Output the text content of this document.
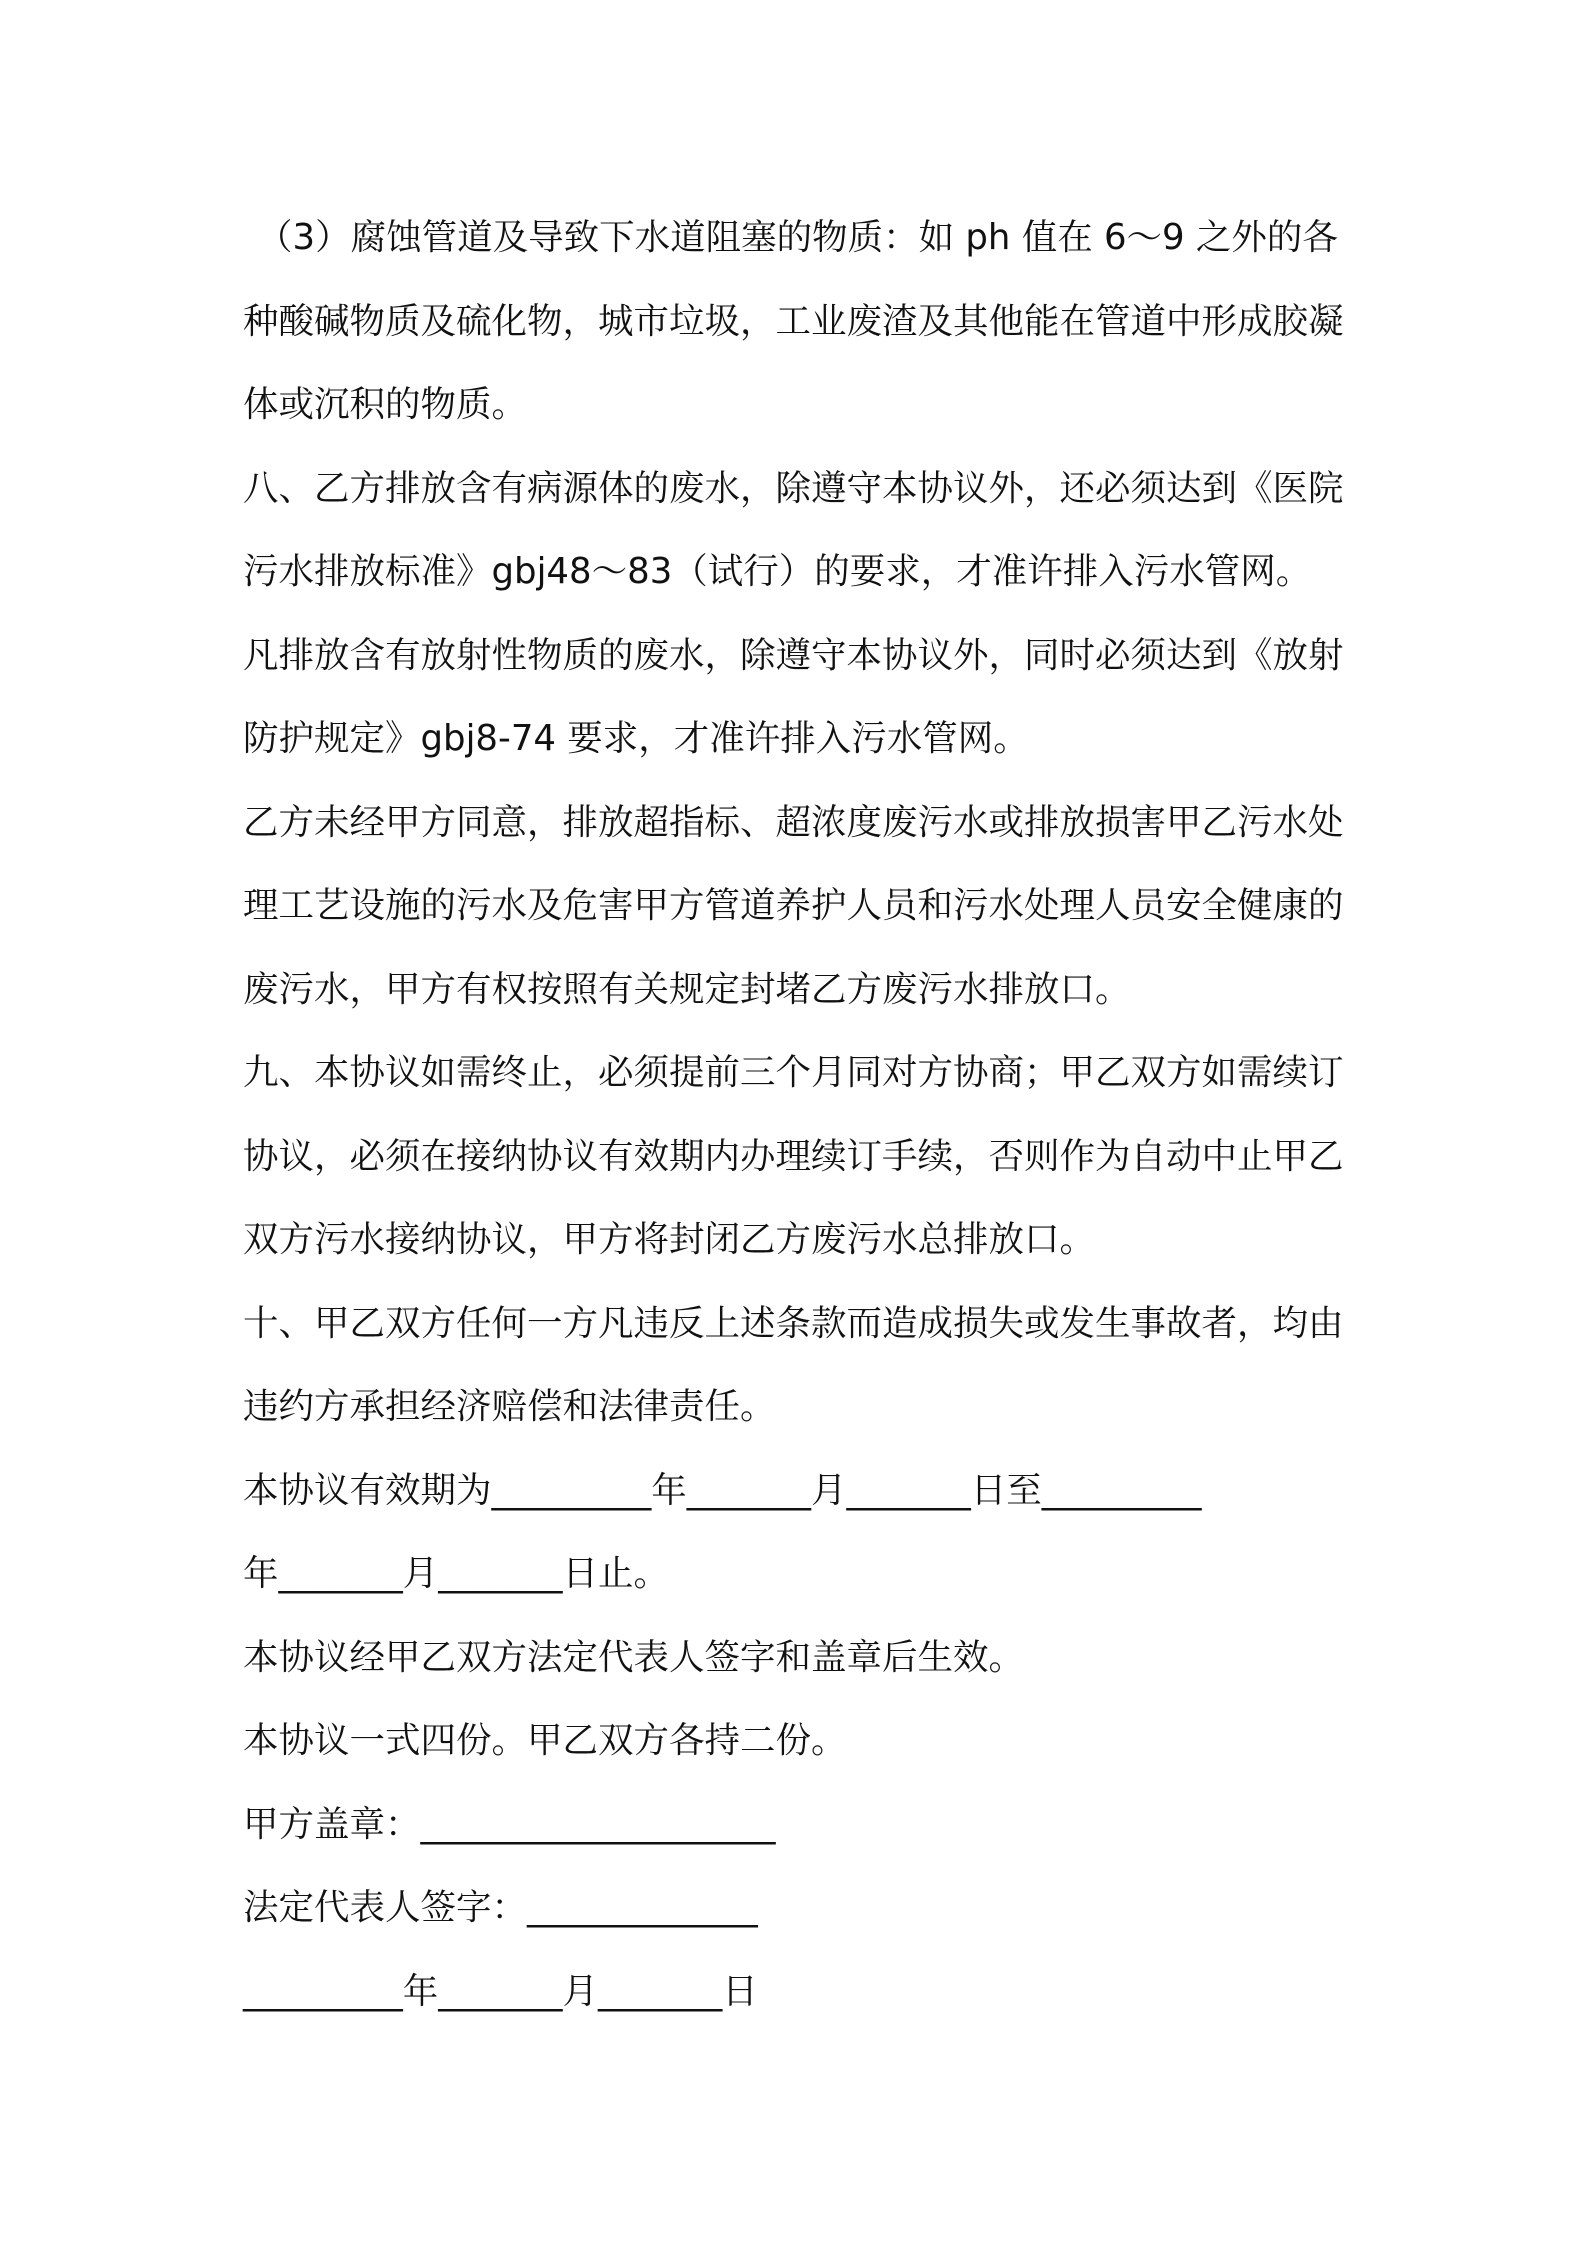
（3）腐蚀管道及导致下水道阻塞的物质：如 ph 值在 6～9 之外的各种酸碱物质及硫化物，城市垃圾，工业废渣及其他能在管道中形成胶凝体或沉积的物质。

八、乙方排放含有病源体的废水，除遵守本协议外，还必须达到《医院污水排放标准》gbj48～83（试行）的要求，才准许排入污水管网。

凡排放含有放射性物质的废水，除遵守本协议外，同时必须达到《放射防护规定》gbj8-74 要求，才准许排入污水管网。

乙方未经甲方同意，排放超指标、超浓度废污水或排放损害甲乙污水处理工艺设施的污水及危害甲方管道养护人员和污水处理人员安全健康的废污水，甲方有权按照有关规定封堵乙方废污水排放口。

九、本协议如需终止，必须提前三个月同对方协商；甲乙双方如需续订协议，必须在接纳协议有效期内办理续订手续，否则作为自动中止甲乙双方污水接纳协议，甲方将封闭乙方废污水总排放口。

十、甲乙双方任何一方凡违反上述条款而造成损失或发生事故者，均由违约方承担经济赔偿和法律责任。

本协议有效期为_________年_______月_______日至_________

年_______月_______日止。

本协议经甲乙双方法定代表人签字和盖章后生效。

本协议一式四份。甲乙双方各持二份。

甲方盖章：____________________

法定代表人签字：_____________

_________年_______月_______日
